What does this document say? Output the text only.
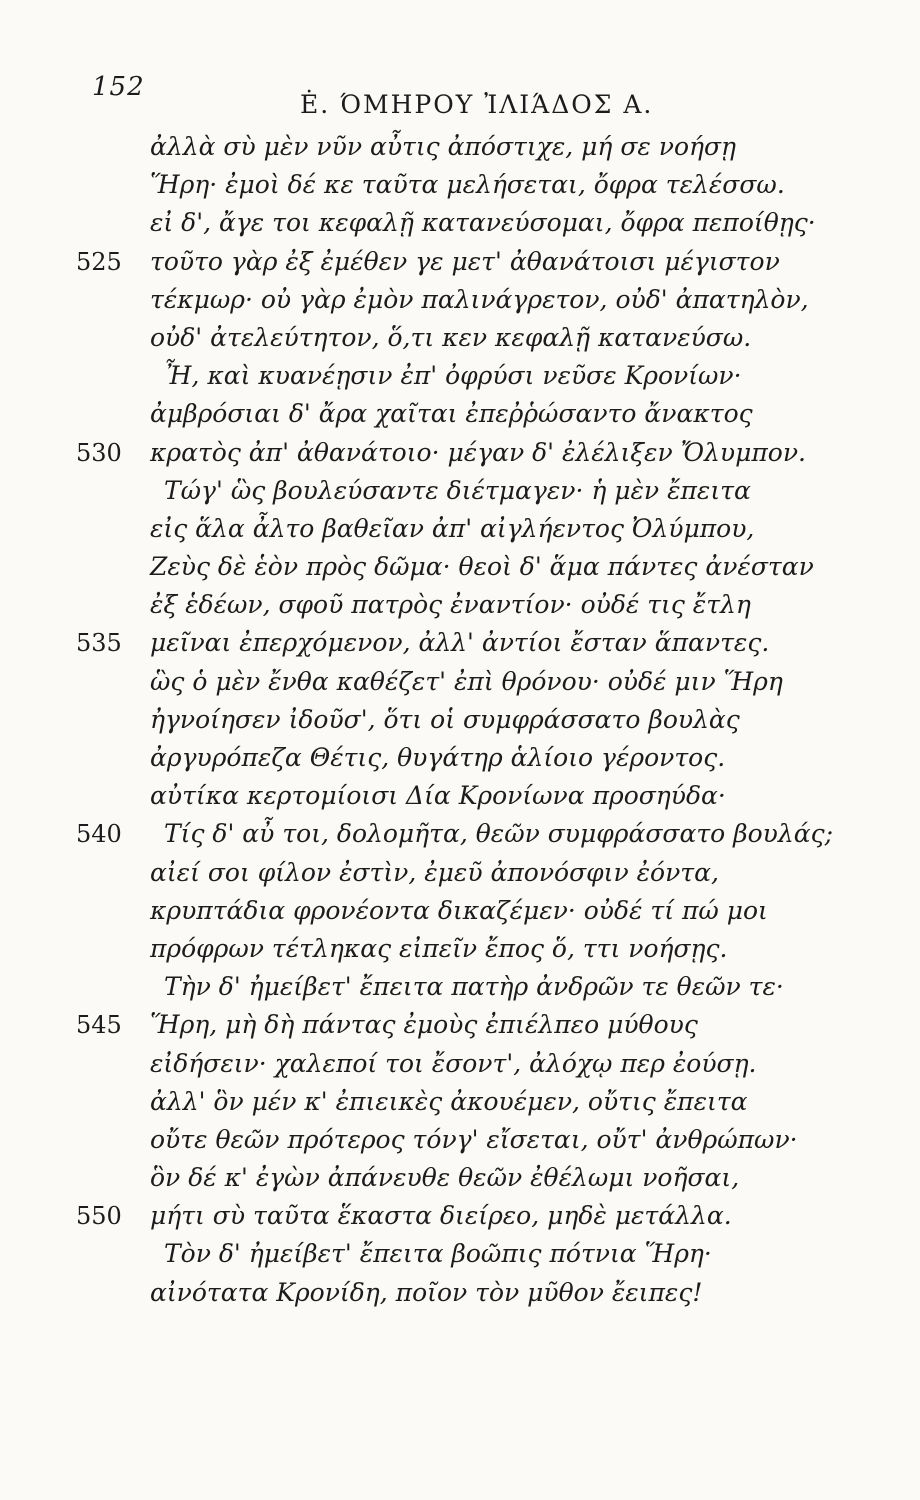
152
Ė. ΌΜΗΡΟΥ ἸΛΙΆΔΟΣ Α.
ἀλλὰ σὺ μὲν νῦν αὖτις ἀπόστιχε, μή σε νοήσῃ
Ἥρη· ἐμοὶ δέ κε ταῦτα μελήσεται, ὄφρα τελέσσω.
εἰ δ', ἄγε τοι κεφαλῇ κατανεύσομαι, ὄφρα πεποίθῃς·
525 τοῦτο γὰρ ἐξ ἐμέθεν γε μετ' ἀθανάτοισι μέγιστον
τέκμωρ· οὐ γὰρ ἐμὸν παλινάγρετον, οὐδ' ἀπατηλὸν,
οὐδ' ἀτελεύτητον, ὅ,τι κεν κεφαλῇ κατανεύσω.
Ἦ, καὶ κυανέῃσιν ἐπ' ὀφρύσι νεῦσε Κρονίων·
ἀμβρόσιαι δ' ἄρα χαῖται ἐπεῤῥώσαντο ἄνακτος
530 κρατὸς ἀπ' ἀθανάτοιο· μέγαν δ' ἐλέλιξεν Ὄλυμπον.
Τώγ' ὣς βουλεύσαντε διέτμαγεν· ἡ μὲν ἔπειτα
εἰς ἅλα ἆλτο βαθεῖαν ἀπ' αἰγλήεντος Ὀλύμπου,
Ζεὺς δὲ ἑὸν πρὸς δῶμα· θεοὶ δ' ἅμα πάντες ἀνέσταν
ἐξ ἑδέων, σφοῦ πατρὸς ἐναντίον· οὐδέ τις ἔτλη
535 μεῖναι ἐπερχόμενον, ἀλλ' ἀντίοι ἔσταν ἅπαντες.
ὣς ὁ μὲν ἔνθα καθέζετ' ἐπὶ θρόνου· οὐδέ μιν Ἥρη
ἠγνοίησεν ἰδοῦσ', ὅτι οἱ συμφράσσατο βουλὰς
ἀργυρόπεζα Θέτις, θυγάτηρ ἁλίοιο γέροντος.
αὐτίκα κερτομίοισι Δία Κρονίωνα προσηύδα·
540 Τίς δ' αὖ τοι, δολομῆτα, θεῶν συμφράσσατο βουλάς;
αἰεί σοι φίλον ἐστὶν, ἐμεῦ ἀπονόσφιν ἐόντα,
κρυπτάδια φρονέοντα δικαζέμεν· οὐδέ τί πώ μοι
πρόφρων τέτληκας εἰπεῖν ἔπος ὅ, ττι νοήσῃς.
Τὴν δ' ἠμείβετ' ἔπειτα πατὴρ ἀνδρῶν τε θεῶν τε·
545 Ἥρη, μὴ δὴ πάντας ἐμοὺς ἐπιέλπεο μύθους
εἰδήσειν· χαλεποί τοι ἔσοντ', ἀλόχῳ περ ἐούσῃ.
ἀλλ' ὃν μέν κ' ἐπιεικὲς ἀκουέμεν, οὔτις ἔπειτα
οὔτε θεῶν πρότερος τόνγ' εἴσεται, οὔτ' ἀνθρώπων·
ὃν δέ κ' ἐγὼν ἀπάνευθε θεῶν ἐθέλωμι νοῆσαι,
550 μήτι σὺ ταῦτα ἕκαστα διείρεο, μηδὲ μετάλλα.
Τὸν δ' ἠμείβετ' ἔπειτα βοῶπις πότνια Ἥρη·
αἰνότατα Κρονίδη, ποῖον τὸν μῦθον ἔειπες!
